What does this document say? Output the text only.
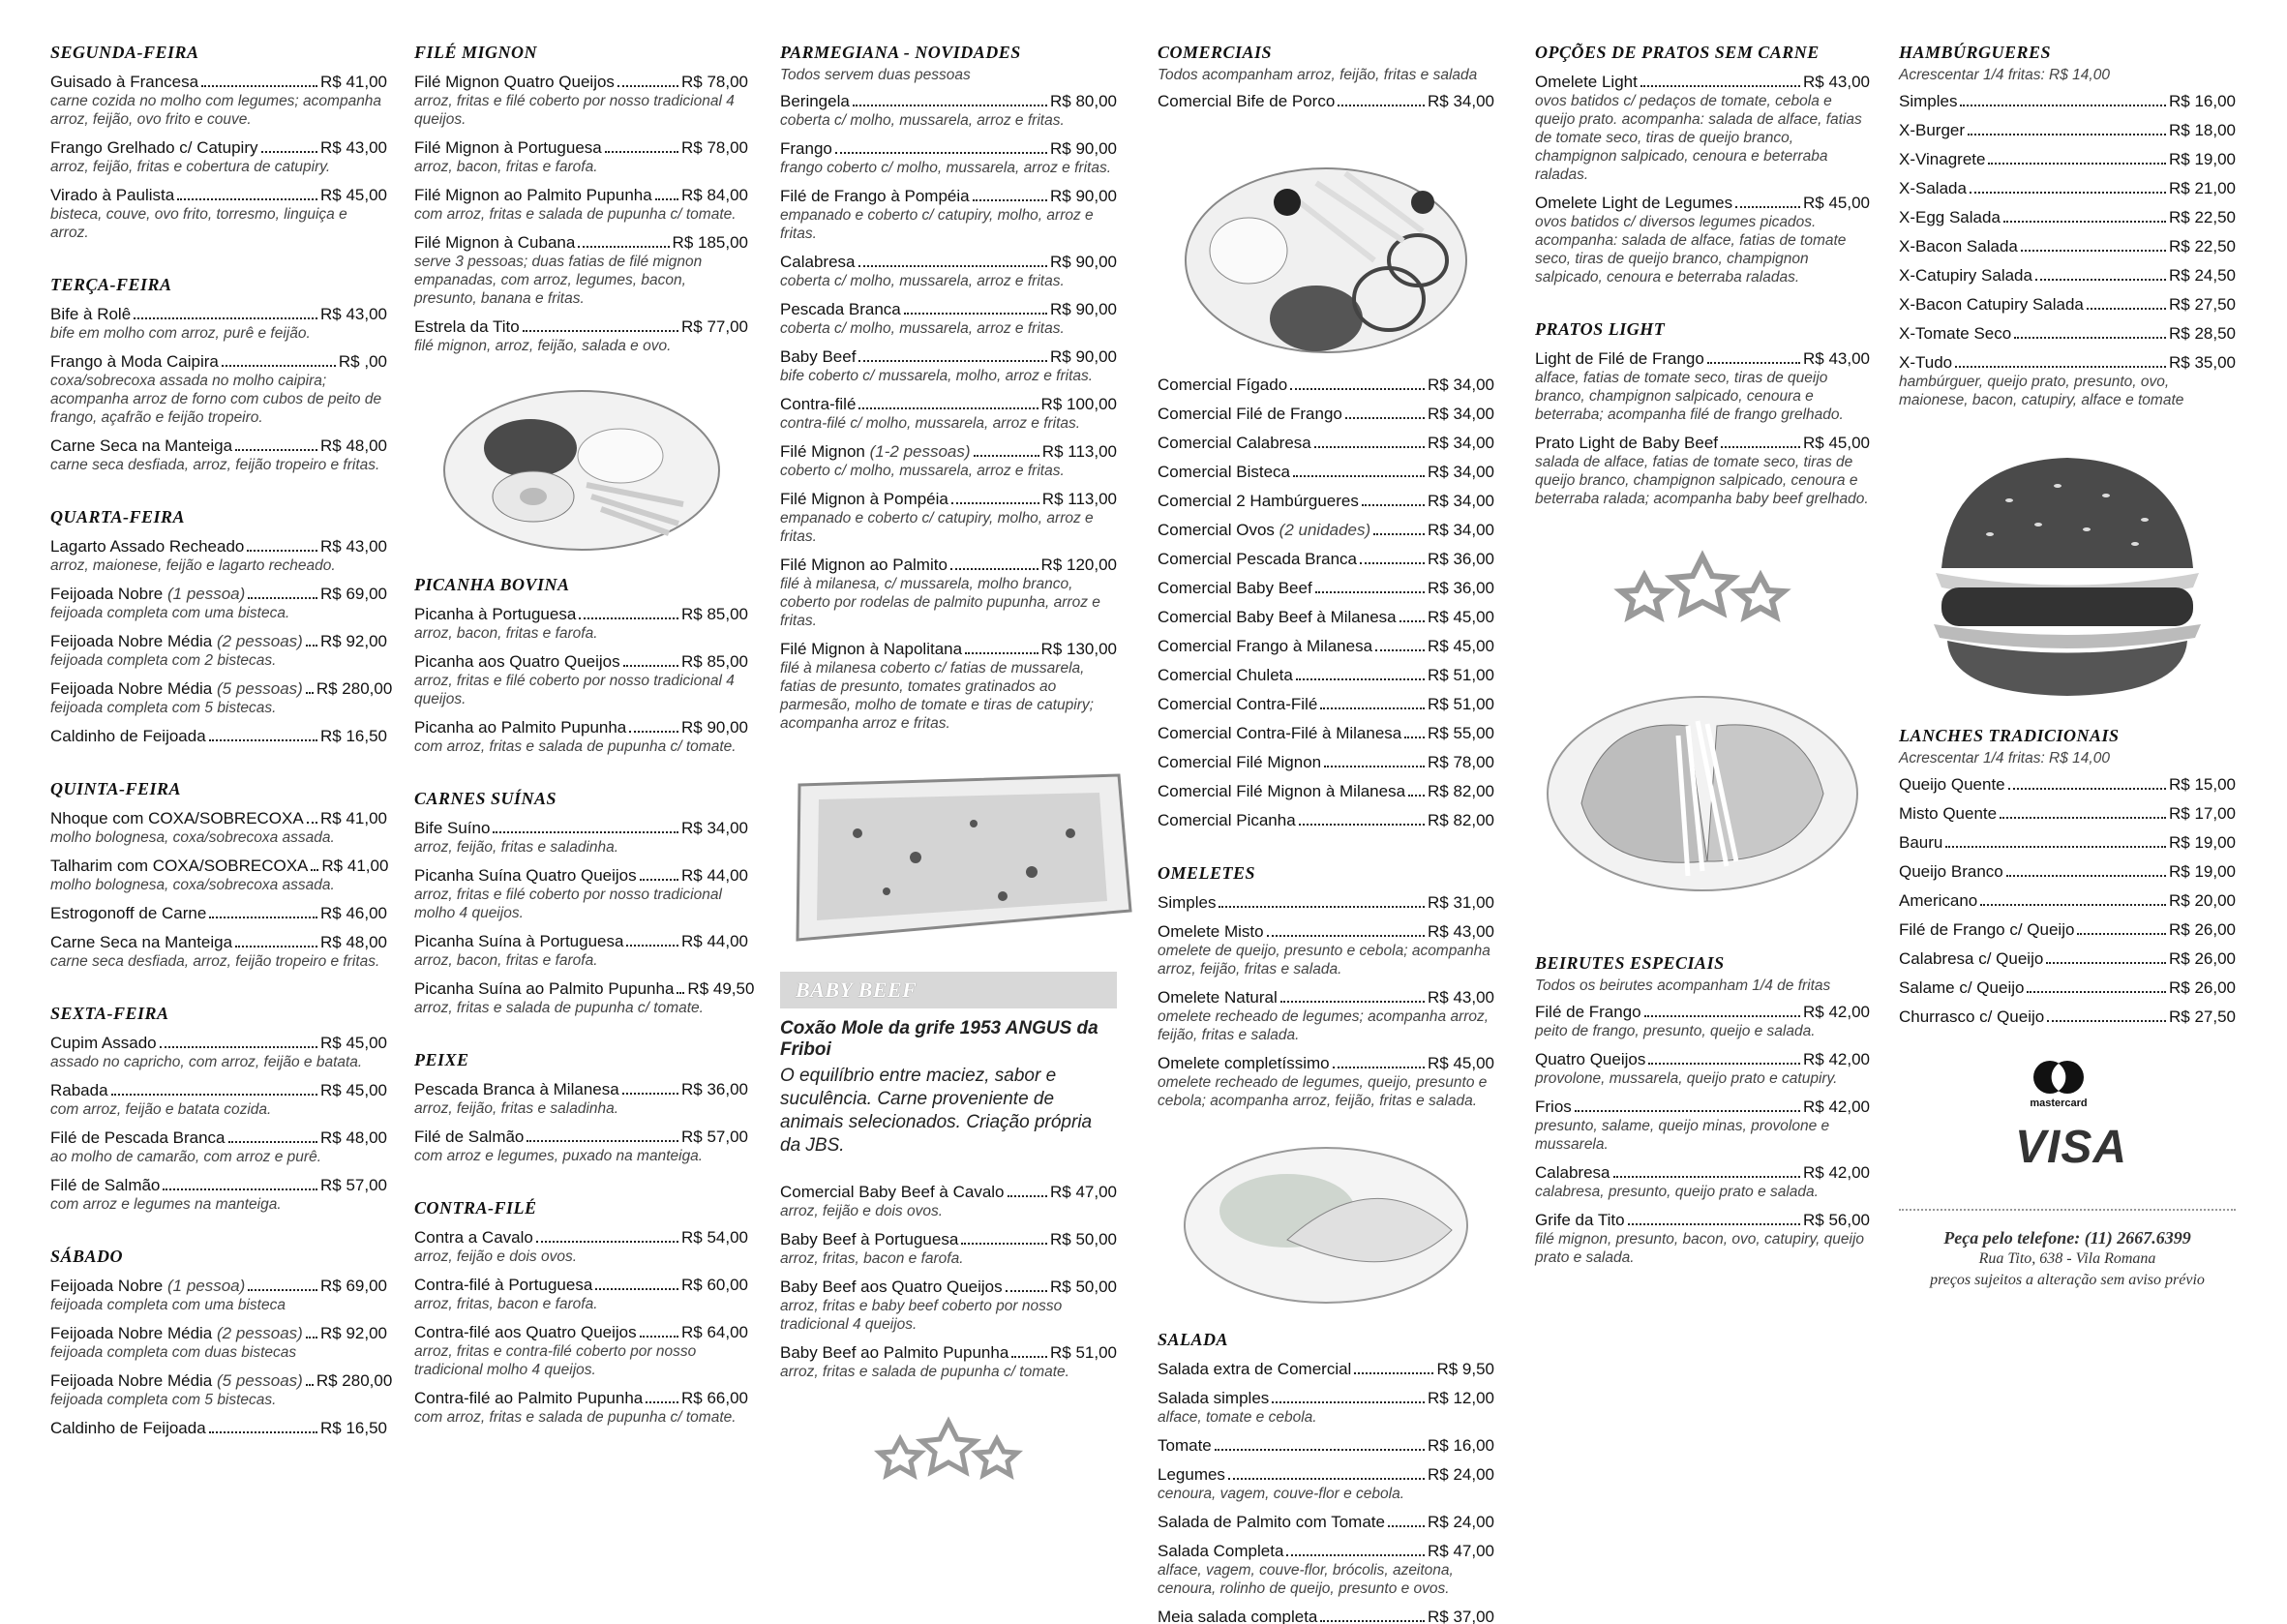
SEGUNDA-FEIRA
Guisado à Francesa	R$ 41,00
carne cozida no molho com legumes; acompanha arroz, feijão, ovo frito e couve.
Frango Grelhado c/ Catupiry	R$ 43,00
arroz, feijão, fritas e cobertura de catupiry.
Virado à Paulista	R$ 45,00
bisteca, couve, ovo frito, torresmo, linguiça e arroz.
TERÇA-FEIRA
Bife à Rolê	R$ 43,00
bife em molho com arroz, purê e feijão.
Frango à Moda Caipira	R$ ,00
coxa/sobrecoxa assada no molho caipira; acompanha arroz de forno com cubos de peito de frango, açafrão e feijão tropeiro.
Carne Seca na Manteiga	R$ 48,00
carne seca desfiada, arroz, feijão tropeiro e fritas.
QUARTA-FEIRA
Lagarto Assado Recheado	R$ 43,00
arroz, maionese, feijão e lagarto recheado.
Feijoada Nobre (1 pessoa)	R$ 69,00
feijoada completa com uma bisteca.
Feijoada Nobre Média (2 pessoas) R$ 92,00
feijoada completa com 2 bistecas.
Feijoada Nobre Média (5 pessoas) R$ 280,00
feijoada completa com 5 bistecas.
Caldinho de Feijoada	R$ 16,50
QUINTA-FEIRA
Nhoque com COXA/SOBRECOXA R$ 41,00
molho bolognesa, coxa/sobrecoxa assada.
Talharim com COXA/SOBRECOXA R$ 41,00
molho bolognesa, coxa/sobrecoxa assada.
Estrogonoff de Carne	R$ 46,00
Carne Seca na Manteiga	R$ 48,00
carne seca desfiada, arroz, feijão tropeiro e fritas.
SEXTA-FEIRA
Cupim Assado	R$ 45,00
assado no capricho, com arroz, feijão e batata.
Rabada	R$ 45,00
com arroz, feijão e batata cozida.
Filé de Pescada Branca	R$ 48,00
ao molho de camarão, com arroz e purê.
Filé de Salmão	R$ 57,00
com arroz e legumes na manteiga.
SÁBADO
Feijoada Nobre (1 pessoa)	R$ 69,00
feijoada completa com uma bisteca
Feijoada Nobre Média (2 pessoas) R$ 92,00
feijoada completa com duas bistecas
Feijoada Nobre Média (5 pessoas) R$ 280,00
feijoada completa com 5 bistecas.
Caldinho de Feijoada	R$ 16,50
FILÉ MIGNON
Filé Mignon Quatro Queijos	R$ 78,00
arroz, fritas e filé coberto por nosso tradicional 4 queijos.
Filé Mignon à Portuguesa	R$ 78,00
arroz, bacon, fritas e farofa.
Filé Mignon ao Palmito Pupunha R$ 84,00
com arroz, fritas e salada de pupunha c/ tomate.
Filé Mignon à Cubana	R$ 185,00
serve 3 pessoas; duas fatias de filé mignon empanadas, com arroz, legumes, bacon, presunto, banana e fritas.
Estrela da Tito	R$ 77,00
filé mignon, arroz, feijão, salada e ovo.
PICANHA BOVINA
Picanha à Portuguesa	R$ 85,00
arroz, bacon, fritas e farofa.
Picanha aos Quatro Queijos	R$ 85,00
arroz, fritas e filé coberto por nosso tradicional 4 queijos.
Picanha ao Palmito Pupunha	R$ 90,00
com arroz, fritas e salada de pupunha c/ tomate.
CARNES SUÍNAS
Bife Suíno	R$ 34,00
arroz, feijão, fritas e saladinha.
Picanha Suína Quatro Queijos	R$ 44,00
arroz, fritas e filé coberto por nosso tradicional molho 4 queijos.
Picanha Suína à Portuguesa	R$ 44,00
arroz, bacon, fritas e farofa.
Picanha Suína ao Palmito Pupunha R$ 49,50
arroz, fritas e salada de pupunha c/ tomate.
PEIXE
Pescada Branca à Milanesa	R$ 36,00
arroz, feijão, fritas e saladinha.
Filé de Salmão	R$ 57,00
com arroz e legumes, puxado na manteiga.
CONTRA-FILÉ
Contra a Cavalo	R$ 54,00
arroz, feijão e dois ovos.
Contra-filé à Portuguesa	R$ 60,00
arroz, fritas, bacon e farofa.
Contra-filé aos Quatro Queijos	R$ 64,00
arroz, fritas e contra-filé coberto por nosso tradicional molho 4 queijos.
Contra-filé ao Palmito Pupunha R$ 66,00
com arroz, fritas e salada de pupunha c/ tomate.
PARMEGIANA - NOVIDADES
Todos servem duas pessoas
Beringela	R$ 80,00
coberta c/ molho, mussarela, arroz e fritas.
Frango	R$ 90,00
frango coberto c/ molho, mussarela, arroz e fritas.
Filé de Frango à Pompéia	R$ 90,00
empanado e coberto c/ catupiry, molho, arroz e fritas.
Calabresa	R$ 90,00
coberta c/ molho, mussarela, arroz e fritas.
Pescada Branca	R$ 90,00
coberta c/ molho, mussarela, arroz e fritas.
Baby Beef	R$ 90,00
bife coberto c/ mussarela, molho, arroz e fritas.
Contra-filé	R$ 100,00
contra-filé c/ molho, mussarela, arroz e fritas.
Filé Mignon (1-2 pessoas)	R$ 113,00
coberto c/ molho, mussarela, arroz e fritas.
Filé Mignon à Pompéia	R$ 113,00
empanado e coberto c/ catupiry, molho, arroz e fritas.
Filé Mignon ao Palmito	R$ 120,00
filé à milanesa, c/ mussarela, molho branco, coberto por rodelas de palmito pupunha, arroz e fritas.
Filé Mignon à Napolitana	R$ 130,00
filé à milanesa coberto c/ fatias de mussarela, fatias de presunto, tomates gratinados ao parmesão, molho de tomate e tiras de catupiry; acompanha arroz e fritas.
BABY BEEF
Coxão Mole da grife 1953 ANGUS da Friboi
O equilíbrio entre maciez, sabor e suculência. Carne proveniente de animais selecionados. Criação própria da JBS.
Comercial Baby Beef à Cavalo	R$ 47,00
arroz, feijão e dois ovos.
Baby Beef à Portuguesa	R$ 50,00
arroz, fritas, bacon e farofa.
Baby Beef aos Quatro Queijos	R$ 50,00
arroz, fritas e baby beef coberto por nosso tradicional 4 queijos.
Baby Beef ao Palmito Pupunha	R$ 51,00
arroz, fritas e salada de pupunha c/ tomate.
COMERCIAIS
Todos acompanham arroz, feijão, fritas e salada
Comercial Bife de Porco	R$ 34,00
Comercial Fígado	R$ 34,00
Comercial Filé de Frango	R$ 34,00
Comercial Calabresa	R$ 34,00
Comercial Bisteca	R$ 34,00
Comercial 2 Hambúrgueres	R$ 34,00
Comercial Ovos (2 unidades)	R$ 34,00
Comercial Pescada Branca	R$ 36,00
Comercial Baby Beef	R$ 36,00
Comercial Baby Beef à Milanesa R$ 45,00
Comercial Frango à Milanesa	R$ 45,00
Comercial Chuleta	R$ 51,00
Comercial Contra-Filé	R$ 51,00
Comercial Contra-Filé à Milanesa R$ 55,00
Comercial Filé Mignon	R$ 78,00
Comercial Filé Mignon à Milanesa R$ 82,00
Comercial Picanha	R$ 82,00
OMELETES
Simples	R$ 31,00
Omelete Misto	R$ 43,00
omelete de queijo, presunto e cebola; acompanha arroz, feijão, fritas e salada.
Omelete Natural	R$ 43,00
omelete recheado de legumes; acompanha arroz, feijão, fritas e salada.
Omelete completíssimo	R$ 45,00
omelete recheado de legumes, queijo, presunto e cebola; acompanha arroz, feijão, fritas e salada.
SALADA
Salada extra de Comercial	R$ 9,50
Salada simples	R$ 12,00
alface, tomate e cebola.
Tomate	R$ 16,00
Legumes	R$ 24,00
cenoura, vagem, couve-flor e cebola.
Salada de Palmito com Tomate	R$ 24,00
Salada Completa	R$ 47,00
alface, vagem, couve-flor, brócolis, azeitona, cenoura, rolinho de queijo, presunto e ovos.
Meia salada completa	R$ 37,00
OPÇÕES DE PRATOS SEM CARNE
Omelete Light	R$ 43,00
ovos batidos c/ pedaços de tomate, cebola e queijo prato. acompanha: salada de alface, fatias de tomate seco, tiras de queijo branco, champignon salpicado, cenoura e beterraba raladas.
Omelete Light de Legumes	R$ 45,00
ovos batidos c/ diversos legumes picados. acompanha: salada de alface, fatias de tomate seco, tiras de queijo branco, champignon salpicado, cenoura e beterraba raladas.
PRATOS LIGHT
Light de Filé de Frango	R$ 43,00
alface, fatias de tomate seco, tiras de queijo branco, champignon salpicado, cenoura e beterraba; acompanha filé de frango grelhado.
Prato Light de Baby Beef	R$ 45,00
salada de alface, fatias de tomate seco, tiras de queijo branco, champignon salpicado, cenoura e beterraba ralada; acompanha baby beef grelhado.
BEIRUTES ESPECIAIS
Todos os beirutes acompanham 1/4 de fritas
Filé de Frango	R$ 42,00
peito de frango, presunto, queijo e salada.
Quatro Queijos	R$ 42,00
provolone, mussarela, queijo prato e catupiry.
Frios	R$ 42,00
presunto, salame, queijo minas, provolone e mussarela.
Calabresa	R$ 42,00
calabresa, presunto, queijo prato e salada.
Grife da Tito	R$ 56,00
filé mignon, presunto, bacon, ovo, catupiry, queijo prato e salada.
HAMBÚRGUERES
Acrescentar 1/4 fritas: R$ 14,00
Simples	R$ 16,00
X-Burger	R$ 18,00
X-Vinagrete	R$ 19,00
X-Salada	R$ 21,00
X-Egg Salada	R$ 22,50
X-Bacon Salada	R$ 22,50
X-Catupiry Salada	R$ 24,50
X-Bacon Catupiry Salada	R$ 27,50
X-Tomate Seco	R$ 28,50
X-Tudo	R$ 35,00
hambúrguer, queijo prato, presunto, ovo, maionese, bacon, catupiry, alface e tomate
LANCHES TRADICIONAIS
Acrescentar 1/4 fritas: R$ 14,00
Queijo Quente	R$ 15,00
Misto Quente	R$ 17,00
Bauru	R$ 19,00
Queijo Branco	R$ 19,00
Americano	R$ 20,00
Filé de Frango c/ Queijo	R$ 26,00
Calabresa c/ Queijo	R$ 26,00
Salame c/ Queijo	R$ 26,00
Churrasco c/ Queijo	R$ 27,50
mastercard
VISA
Peça pelo telefone: (11) 2667.6399
Rua Tito, 638 - Vila Romana
preços sujeitos a alteração sem aviso prévio
